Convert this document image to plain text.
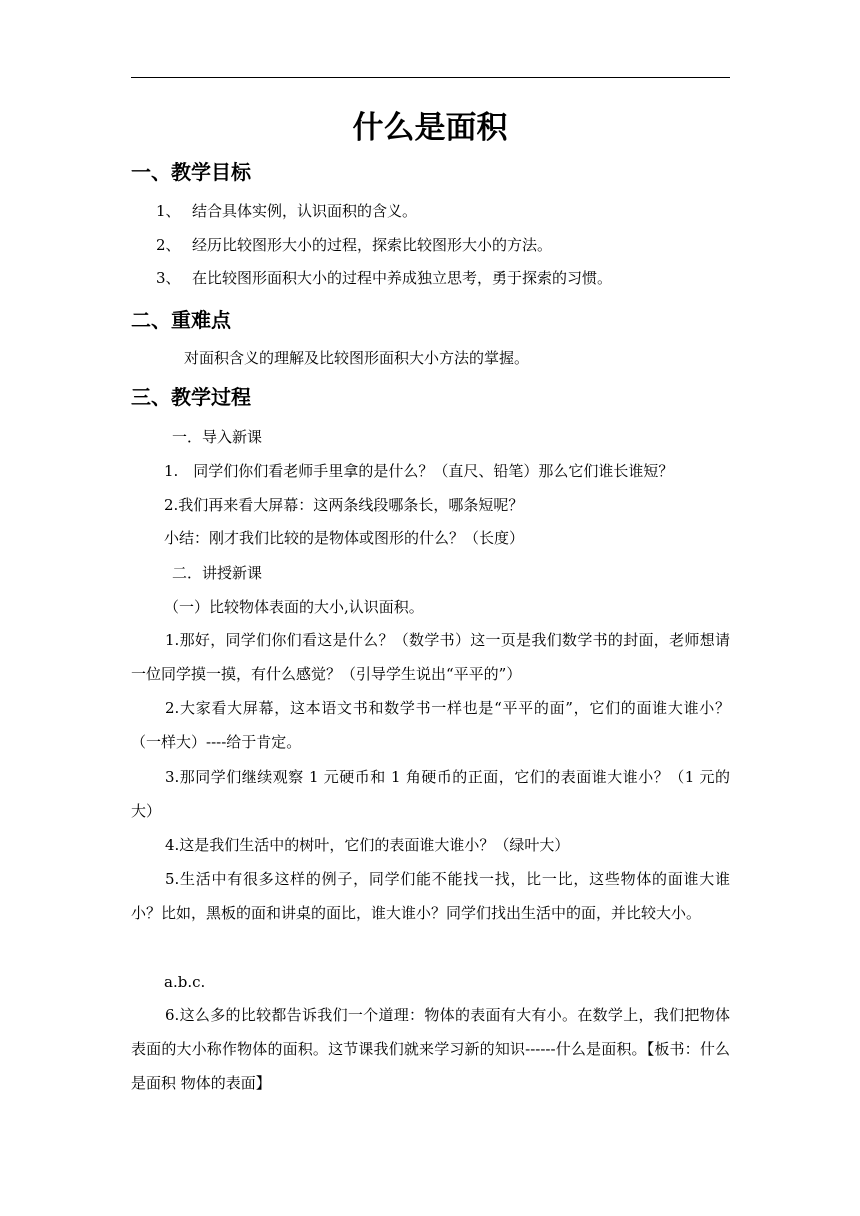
什么是面积
一、教学目标
1、 结合具体实例，认识面积的含义。
2、 经历比较图形大小的过程，探索比较图形大小的方法。
3、 在比较图形面积大小的过程中养成独立思考，勇于探索的习惯。
二、重难点
对面积含义的理解及比较图形面积大小方法的掌握。
三、教学过程
一．导入新课
1.　同学们你们看老师手里拿的是什么？（直尺、铅笔）那么它们谁长谁短？
2.我们再来看大屏幕：这两条线段哪条长，哪条短呢？
小结：刚才我们比较的是物体或图形的什么？（长度）
二．讲授新课
（一）比较物体表面的大小,认识面积。
1.那好，同学们你们看这是什么？（数学书）这一页是我们数学书的封面，老师想请一位同学摸一摸，有什么感觉？（引导学生说出“平平的”）
2.大家看大屏幕，这本语文书和数学书一样也是“平平的面”，它们的面谁大谁小？（一样大）----给于肯定。
3.那同学们继续观察 1 元硬币和 1 角硬币的正面，它们的表面谁大谁小？（1 元的大）
4.这是我们生活中的树叶，它们的表面谁大谁小？（绿叶大）
5.生活中有很多这样的例子，同学们能不能找一找，比一比，这些物体的面谁大谁小？比如，黑板的面和讲桌的面比，谁大谁小？同学们找出生活中的面，并比较大小。
a.b.c.
6.这么多的比较都告诉我们一个道理：物体的表面有大有小。在数学上，我们把物体表面的大小称作物体的面积。这节课我们就来学习新的知识------什么是面积。【板书：什么是面积 物体的表面】
